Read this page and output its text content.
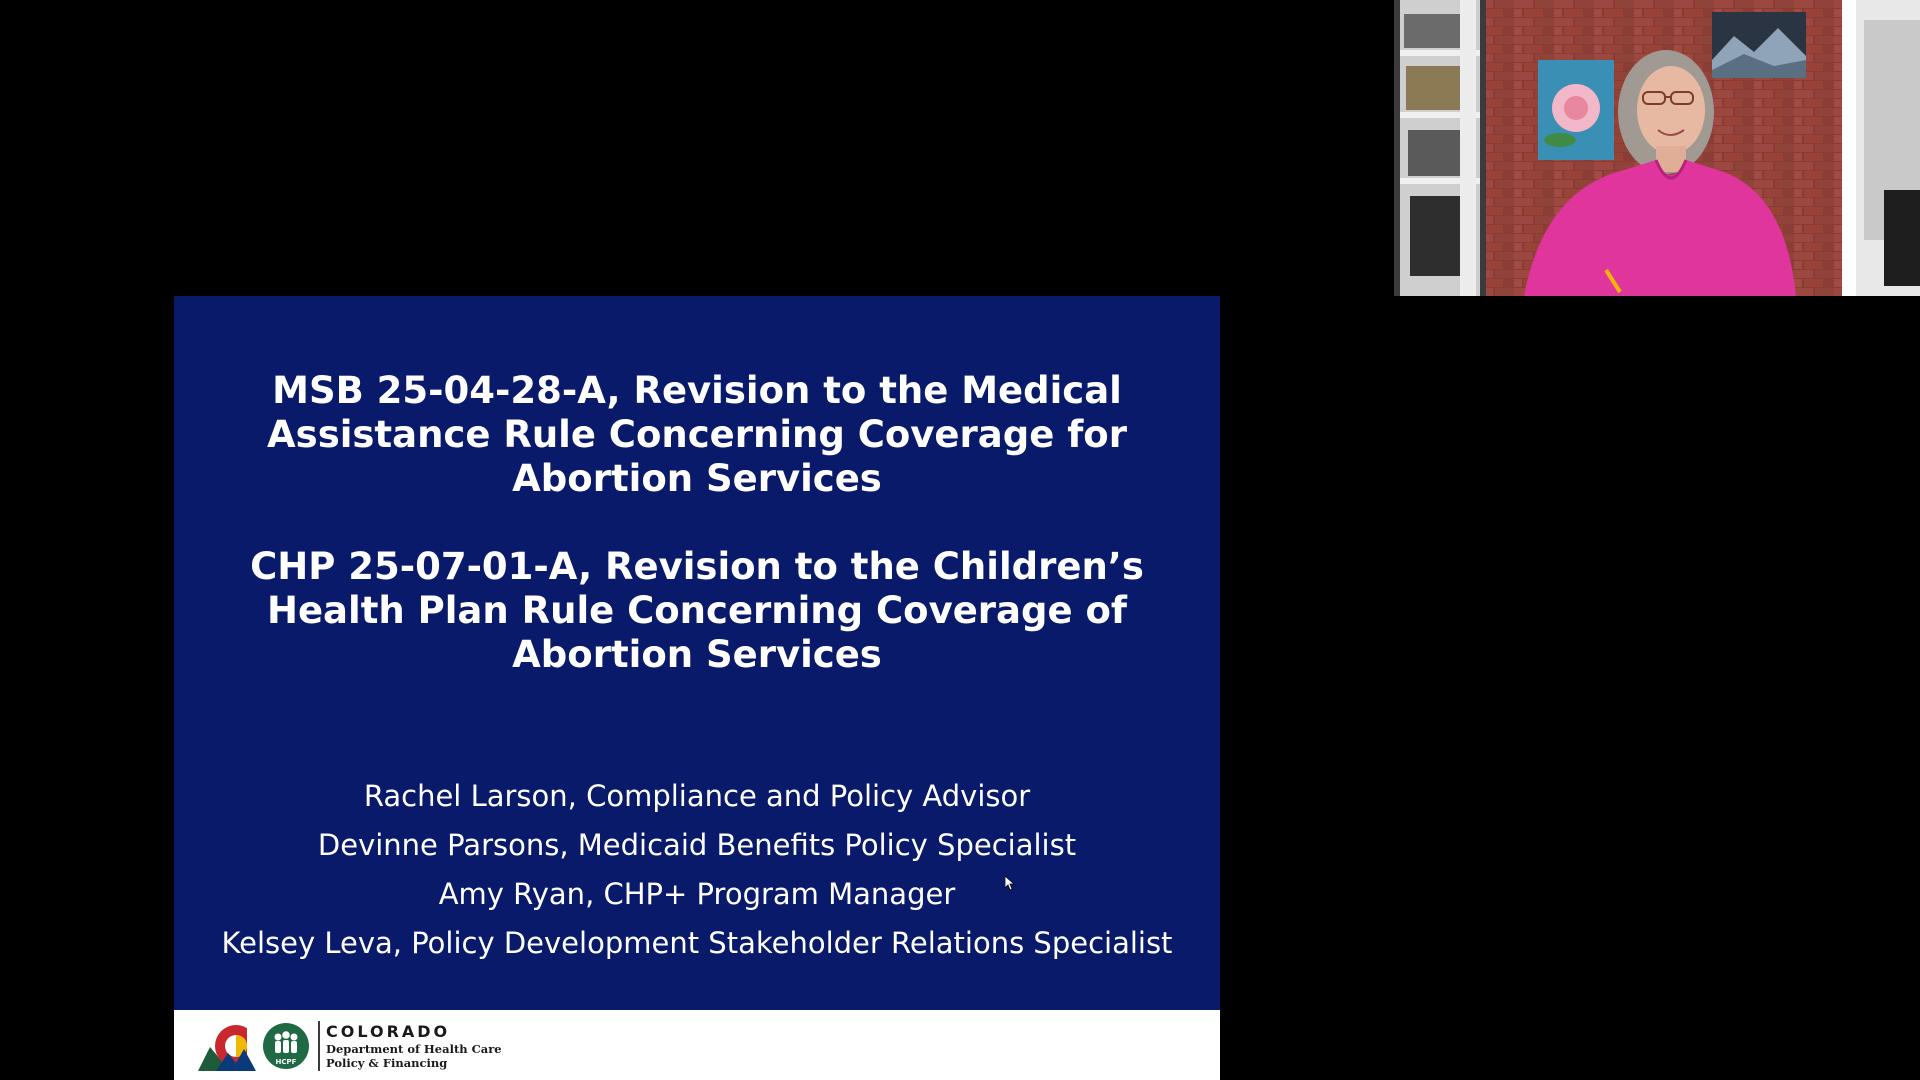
MSB 25-04-28-A, Revision to the Medical
Assistance Rule Concerning Coverage for
Abortion Services
CHP 25-07-01-A, Revision to the Children’s
Health Plan Rule Concerning Coverage of
Abortion Services
Rachel Larson, Compliance and Policy Advisor
Devinne Parsons, Medicaid Benefits Policy Specialist
Amy Ryan, CHP+ Program Manager
Kelsey Leva, Policy Development Stakeholder Relations Specialist
HCPF
COLORADO
Department of Health Care
Policy & Financing
